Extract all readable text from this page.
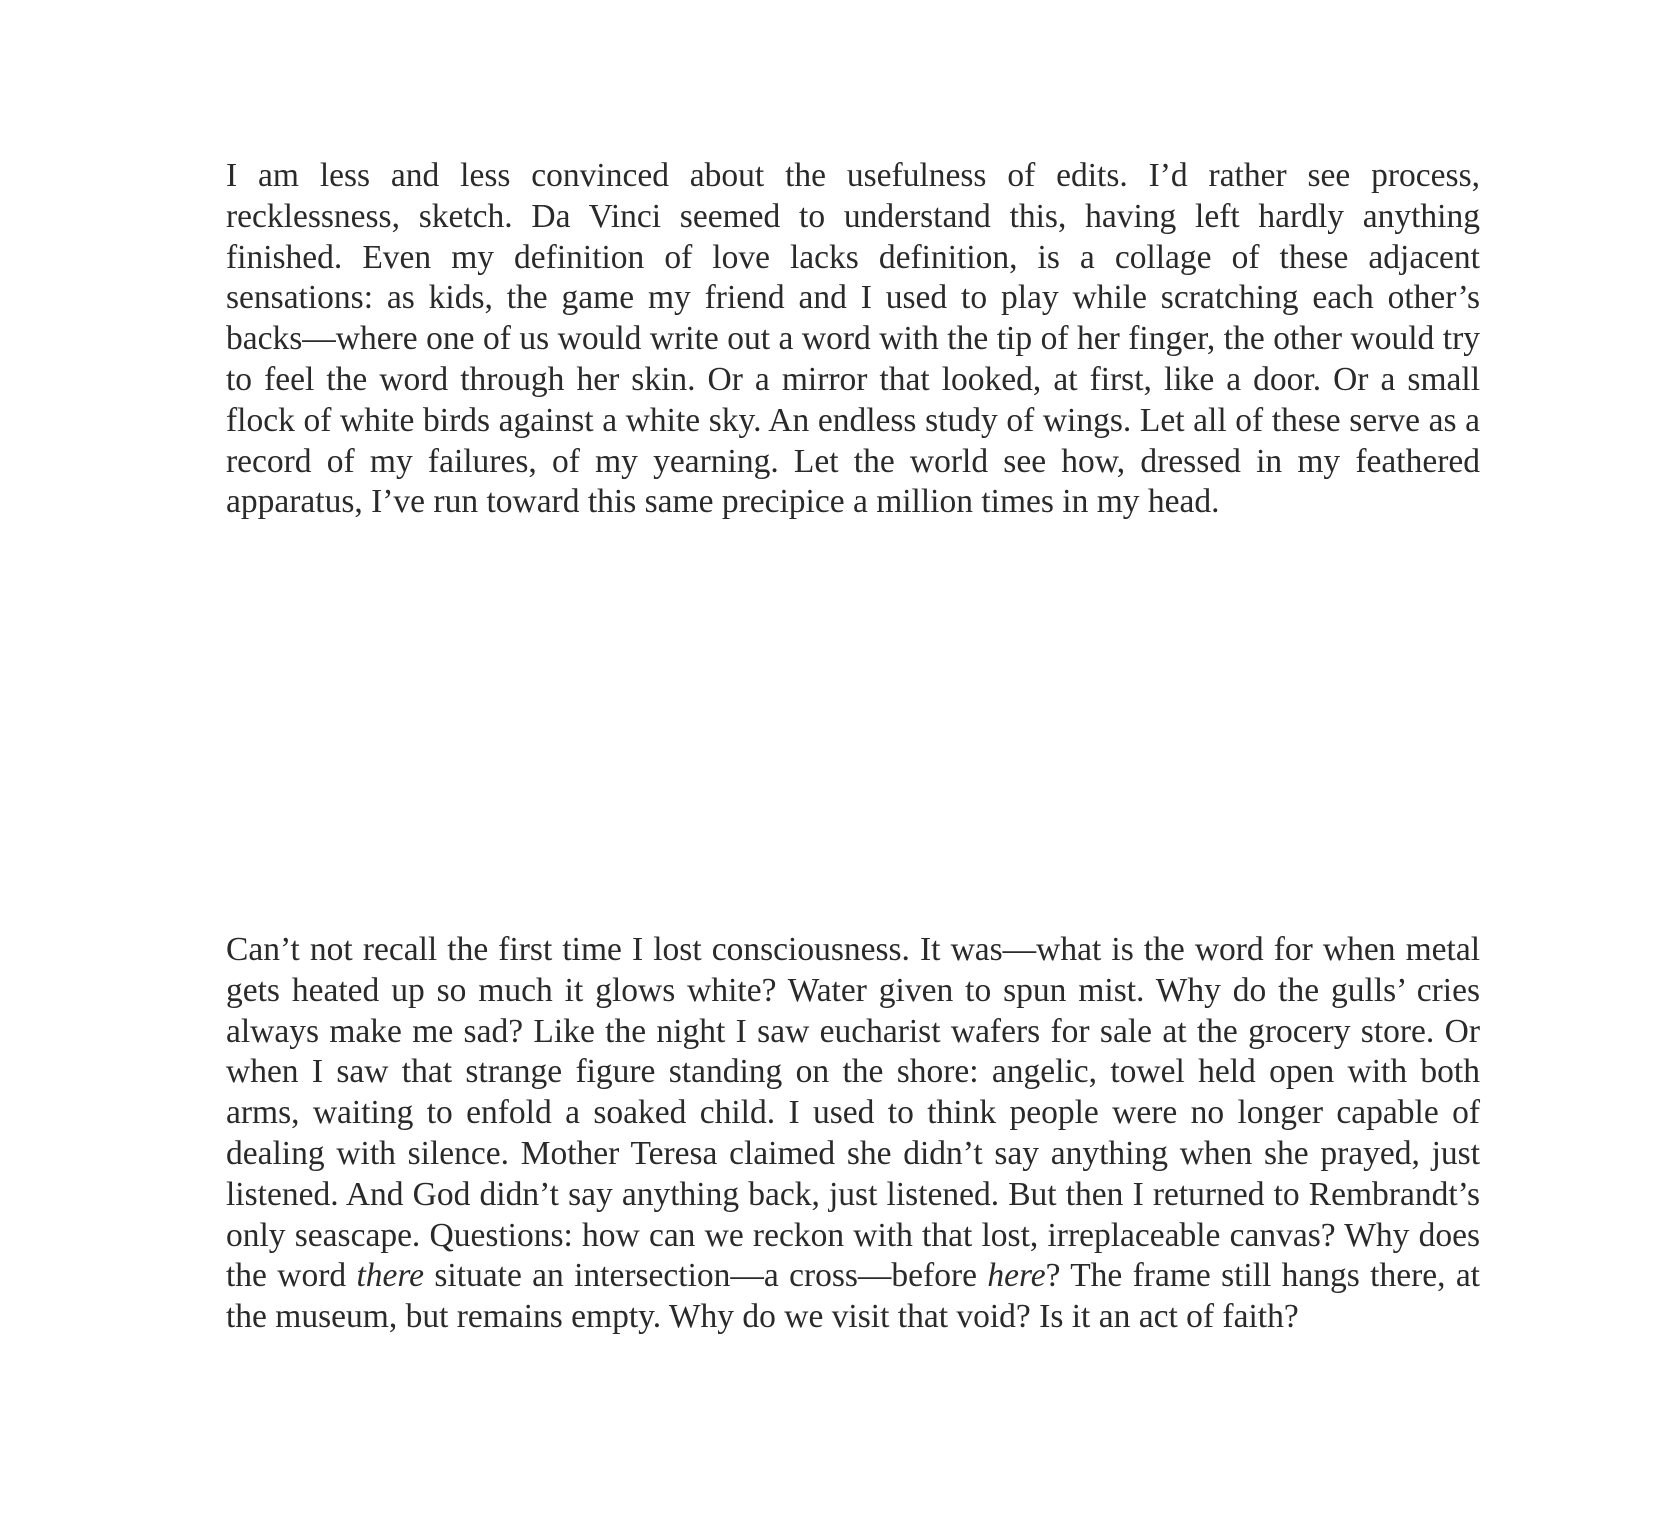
I am less and less convinced about the usefulness of edits. I’d rather see process, recklessness, sketch. Da Vinci seemed to understand this, having left hardly anything finished. Even my definition of love lacks definition, is a collage of these adjacent sensations: as kids, the game my friend and I used to play while scratching each other’s backs—where one of us would write out a word with the tip of her finger, the other would try to feel the word through her skin. Or a mirror that looked, at first, like a door. Or a small flock of white birds against a white sky. An endless study of wings. Let all of these serve as a record of my failures, of my yearning. Let the world see how, dressed in my feathered apparatus, I’ve run toward this same precipice a million times in my head.

Can’t not recall the first time I lost consciousness. It was—what is the word for when metal gets heated up so much it glows white? Water given to spun mist. Why do the gulls’ cries always make me sad? Like the night I saw eucharist wafers for sale at the grocery store. Or when I saw that strange figure standing on the shore: angelic, towel held open with both arms, waiting to enfold a soaked child. I used to think people were no longer capable of dealing with silence. Mother Teresa claimed she didn’t say anything when she prayed, just listened. And God didn’t say anything back, just listened. But then I returned to Rembrandt’s only seascape. Questions: how can we reckon with that lost, irreplaceable canvas? Why does the word there situate an intersection—a cross—before here? The frame still hangs there, at the museum, but remains empty. Why do we visit that void? Is it an act of faith?
